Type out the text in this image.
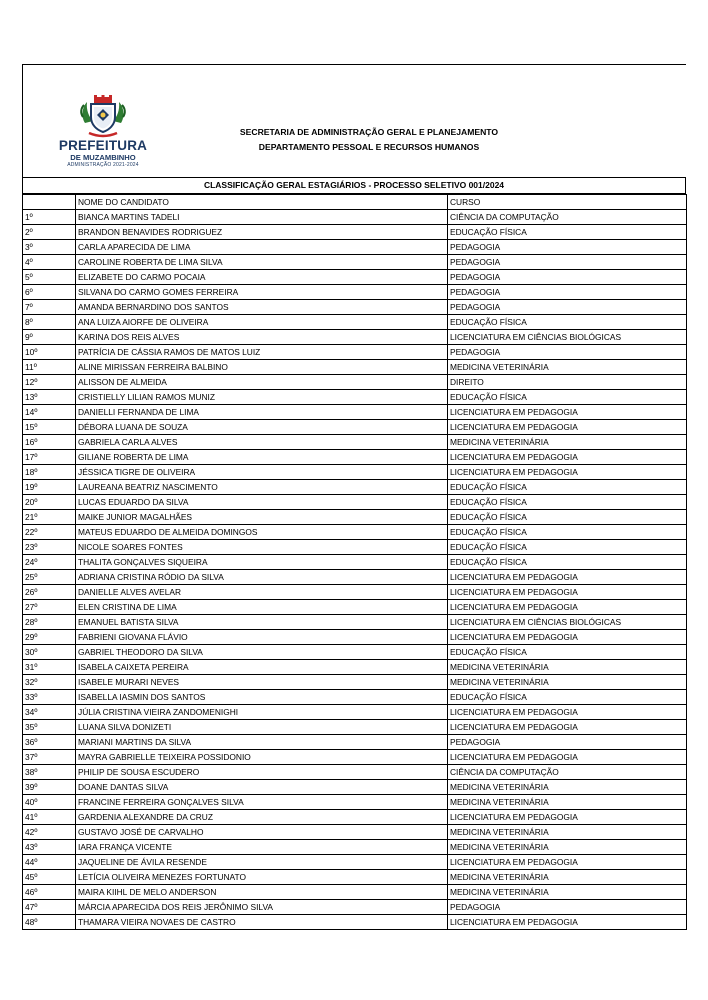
PREFEITURA
DE MUZAMBINHO
ADMINISTRAÇÃO 2021-2024
SECRETARIA DE ADMINISTRAÇÃO GERAL E PLANEJAMENTO
DEPARTAMENTO PESSOAL E RECURSOS HUMANOS
CLASSIFICAÇÃO GERAL ESTAGIÁRIOS - PROCESSO SELETIVO 001/2024
	NOME DO CANDIDATO	CURSO
1º	BIANCA MARTINS TADELI	CIÊNCIA DA COMPUTAÇÃO
2º	BRANDON BENAVIDES RODRIGUEZ	EDUCAÇÃO FÍSICA
3º	CARLA APARECIDA DE LIMA	PEDAGOGIA
4º	CAROLINE ROBERTA DE LIMA SILVA	PEDAGOGIA
5º	ELIZABETE DO CARMO POCAIA	PEDAGOGIA
6º	SILVANA DO CARMO GOMES FERREIRA	PEDAGOGIA
7º	AMANDA BERNARDINO DOS SANTOS	PEDAGOGIA
8º	ANA LUIZA AIORFE DE OLIVEIRA	EDUCAÇÃO FÍSICA
9º	KARINA DOS REIS ALVES	LICENCIATURA EM CIÊNCIAS BIOLÓGICAS
10º	PATRÍCIA DE CÁSSIA RAMOS DE MATOS LUIZ	PEDAGOGIA
11º	ALINE MIRISSAN FERREIRA BALBINO	MEDICINA VETERINÁRIA
12º	ALISSON DE ALMEIDA	DIREITO
13º	CRISTIELLY LILIAN RAMOS MUNIZ	EDUCAÇÃO FÍSICA
14º	DANIELLI FERNANDA DE LIMA	LICENCIATURA EM PEDAGOGIA
15º	DÉBORA LUANA DE SOUZA	LICENCIATURA EM PEDAGOGIA
16º	GABRIELA CARLA ALVES	MEDICINA VETERINÁRIA
17º	GILIANE ROBERTA DE LIMA	LICENCIATURA EM PEDAGOGIA
18º	JÉSSICA TIGRE DE OLIVEIRA	LICENCIATURA EM PEDAGOGIA
19º	LAUREANA BEATRIZ NASCIMENTO	EDUCAÇÃO FÍSICA
20º	LUCAS EDUARDO DA SILVA	EDUCAÇÃO FÍSICA
21º	MAIKE JUNIOR MAGALHÃES	EDUCAÇÃO FÍSICA
22º	MATEUS EDUARDO DE ALMEIDA DOMINGOS	EDUCAÇÃO FÍSICA
23º	NICOLE SOARES FONTES	EDUCAÇÃO FÍSICA
24º	THALITA GONÇALVES SIQUEIRA	EDUCAÇÃO FÍSICA
25º	ADRIANA CRISTINA RÓDIO DA SILVA	LICENCIATURA EM PEDAGOGIA
26º	DANIELLE ALVES AVELAR	LICENCIATURA EM PEDAGOGIA
27º	ELEN CRISTINA DE LIMA	LICENCIATURA EM PEDAGOGIA
28º	EMANUEL BATISTA SILVA	LICENCIATURA EM CIÊNCIAS BIOLÓGICAS
29º	FABRIENI GIOVANA FLÁVIO	LICENCIATURA EM PEDAGOGIA
30º	GABRIEL THEODORO DA SILVA	EDUCAÇÃO FÍSICA
31º	ISABELA CAIXETA PEREIRA	MEDICINA VETERINÁRIA
32º	ISABELE MURARI NEVES	MEDICINA VETERINÁRIA
33º	ISABELLA IASMIN DOS SANTOS	EDUCAÇÃO FÍSICA
34º	JÚLIA CRISTINA VIEIRA ZANDOMENIGHI	LICENCIATURA EM PEDAGOGIA
35º	LUANA SILVA DONIZETI	LICENCIATURA EM PEDAGOGIA
36º	MARIANI MARTINS DA SILVA	PEDAGOGIA
37º	MAYRA GABRIELLE TEIXEIRA POSSIDONIO	LICENCIATURA EM PEDAGOGIA
38º	PHILIP DE SOUSA ESCUDERO	CIÊNCIA DA COMPUTAÇÃO
39º	DOANE DANTAS SILVA	MEDICINA VETERINÁRIA
40º	FRANCINE FERREIRA GONÇALVES SILVA	MEDICINA VETERINÁRIA
41º	GARDENIA ALEXANDRE DA CRUZ	LICENCIATURA EM PEDAGOGIA
42º	GUSTAVO JOSÉ DE CARVALHO	MEDICINA VETERINÁRIA
43º	IARA FRANÇA VICENTE	MEDICINA VETERINÁRIA
44º	JAQUELINE DE ÁVILA RESENDE	LICENCIATURA EM PEDAGOGIA
45º	LETÍCIA OLIVEIRA MENEZES FORTUNATO	MEDICINA VETERINÁRIA
46º	MAIRA KIIHL DE MELO ANDERSON	MEDICINA VETERINÁRIA
47º	MÁRCIA APARECIDA DOS REIS JERÔNIMO SILVA	PEDAGOGIA
48º	THAMARA VIEIRA NOVAES DE CASTRO	LICENCIATURA EM PEDAGOGIA
